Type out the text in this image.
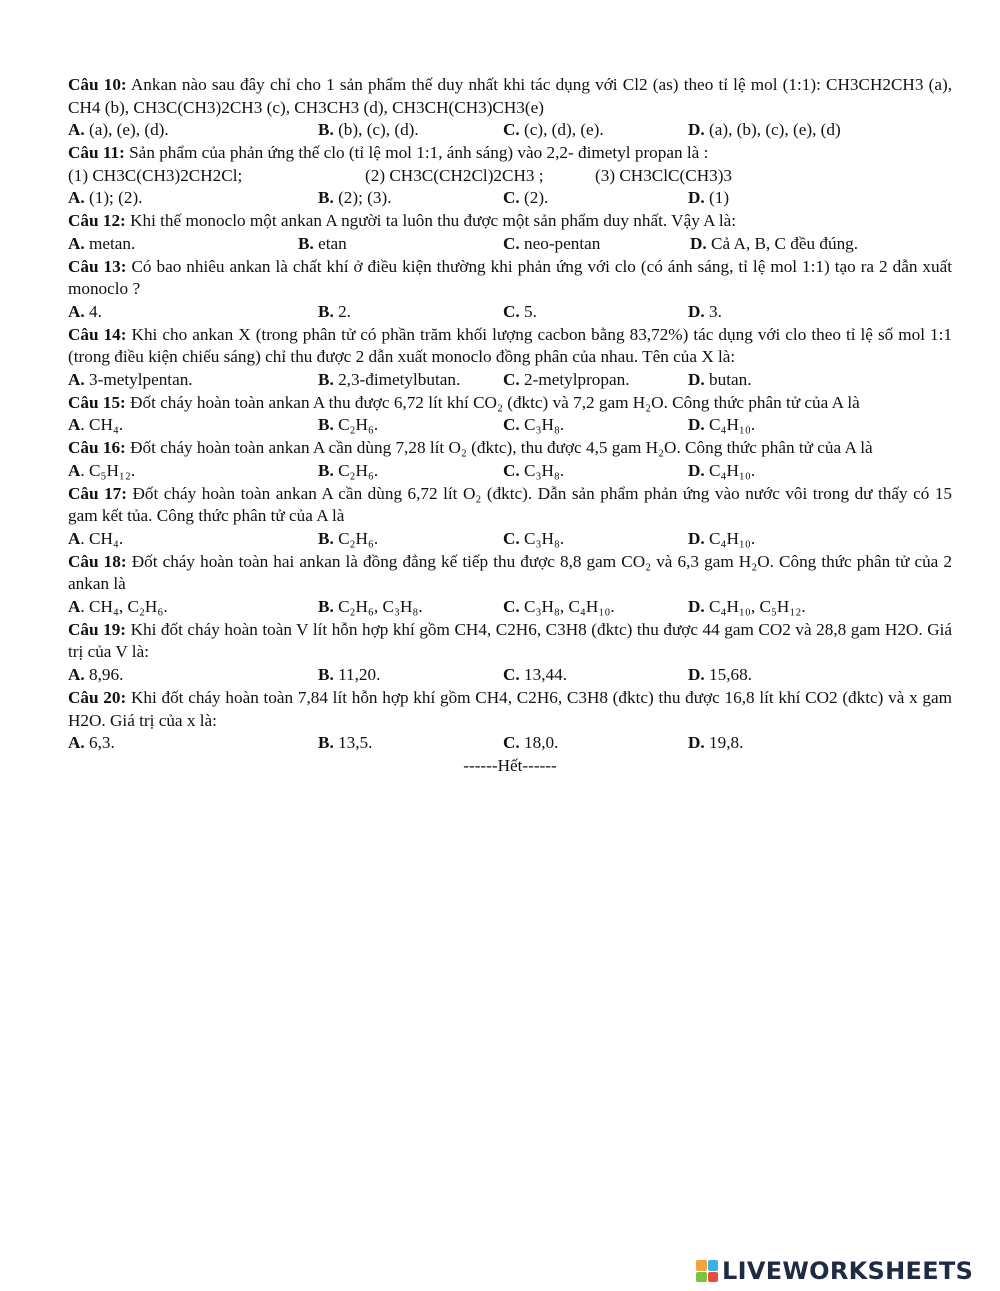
Câu 10: Ankan nào sau đây chỉ cho 1 sản phẩm thế duy nhất khi tác dụng với Cl2 (as) theo tỉ lệ mol (1:1): CH3CH2CH3 (a), CH4 (b), CH3C(CH3)2CH3 (c), CH3CH3 (d), CH3CH(CH3)CH3(e)

A. (a), (e), (d).	B. (b), (c), (d).	C. (c), (d), (e).	D. (a), (b), (c), (e), (d)

Câu 11: Sản phẩm của phản ứng thế clo (tỉ lệ mol 1:1, ánh sáng) vào 2,2- đimetyl propan là :

(1) CH3C(CH3)2CH2Cl;	(2) CH3C(CH2Cl)2CH3 ;	(3) CH3ClC(CH3)3
A. (1); (2).	B. (2); (3).	C. (2).	D. (1)

Câu 12: Khi thế monoclo một ankan A người ta luôn thu được một sản phẩm duy nhất. Vậy A là:

A. metan.	B. etan	C. neo-pentan	D. Cả A, B, C đều đúng.

Câu 13: Có bao nhiêu ankan là chất khí ở điều kiện thường khi phản ứng với clo (có ánh sáng, tỉ lệ mol 1:1) tạo ra 2 dẫn xuất monoclo ?

A. 4.	B. 2.	C. 5.	D. 3.

Câu 14: Khi cho ankan X (trong phân tử có phần trăm khối lượng cacbon bằng 83,72%) tác dụng với clo theo tỉ lệ số mol 1:1 (trong điều kiện chiếu sáng) chỉ thu được 2 dẫn xuất monoclo đồng phân của nhau. Tên của X là:

A. 3-metylpentan.	B. 2,3-đimetylbutan. C. 2-metylpropan.	D. butan.

Câu 15: Đốt cháy hoàn toàn ankan A thu được 6,72 lít khí CO₂ (đktc) và 7,2 gam H₂O. Công thức phân tử của A là

A. CH₄.	B. C₂H₆.	C. C₃H₈.	D. C₄H₁₀.

Câu 16: Đốt cháy hoàn toàn ankan A cần dùng 7,28 lít O₂ (đktc), thu được 4,5 gam H₂O. Công thức phân tử của A là

A. C₅H₁₂.	B. C₂H₆.	C. C₃H₈.	D. C₄H₁₀.

Câu 17: Đốt cháy hoàn toàn ankan A cần dùng 6,72 lít O₂ (đktc). Dẫn sản phẩm phản ứng vào nước vôi trong dư thấy có 15 gam kết tủa. Công thức phân tử của A là

A. CH₄.	B. C₂H₆.	C. C₃H₈.	D. C₄H₁₀.

Câu 18: Đốt cháy hoàn toàn hai ankan là đồng đẳng kế tiếp thu được 8,8 gam CO₂ và 6,3 gam H₂O. Công thức phân tử của 2 ankan là

A. CH₄, C₂H₆.	B. C₂H₆, C₃H₈.	C. C₃H₈, C₄H₁₀.	D. C₄H₁₀, C₅H₁₂.

Câu 19: Khi đốt cháy hoàn toàn V lít hỗn hợp khí gồm CH4, C2H6, C3H8 (đktc) thu được 44 gam CO2 và 28,8 gam H2O. Giá trị của V là:

A. 8,96.	B. 11,20.	C. 13,44.	D. 15,68.

Câu 20: Khi đốt cháy hoàn toàn 7,84 lít hỗn hợp khí gồm CH4, C2H6, C3H8 (đktc) thu được 16,8 lít khí CO2 (đktc) và x gam H2O. Giá trị của x là:

A. 6,3.	B. 13,5.	C. 18,0.	D. 19,8.
------Hết------
LIVEWORKSHEETS
